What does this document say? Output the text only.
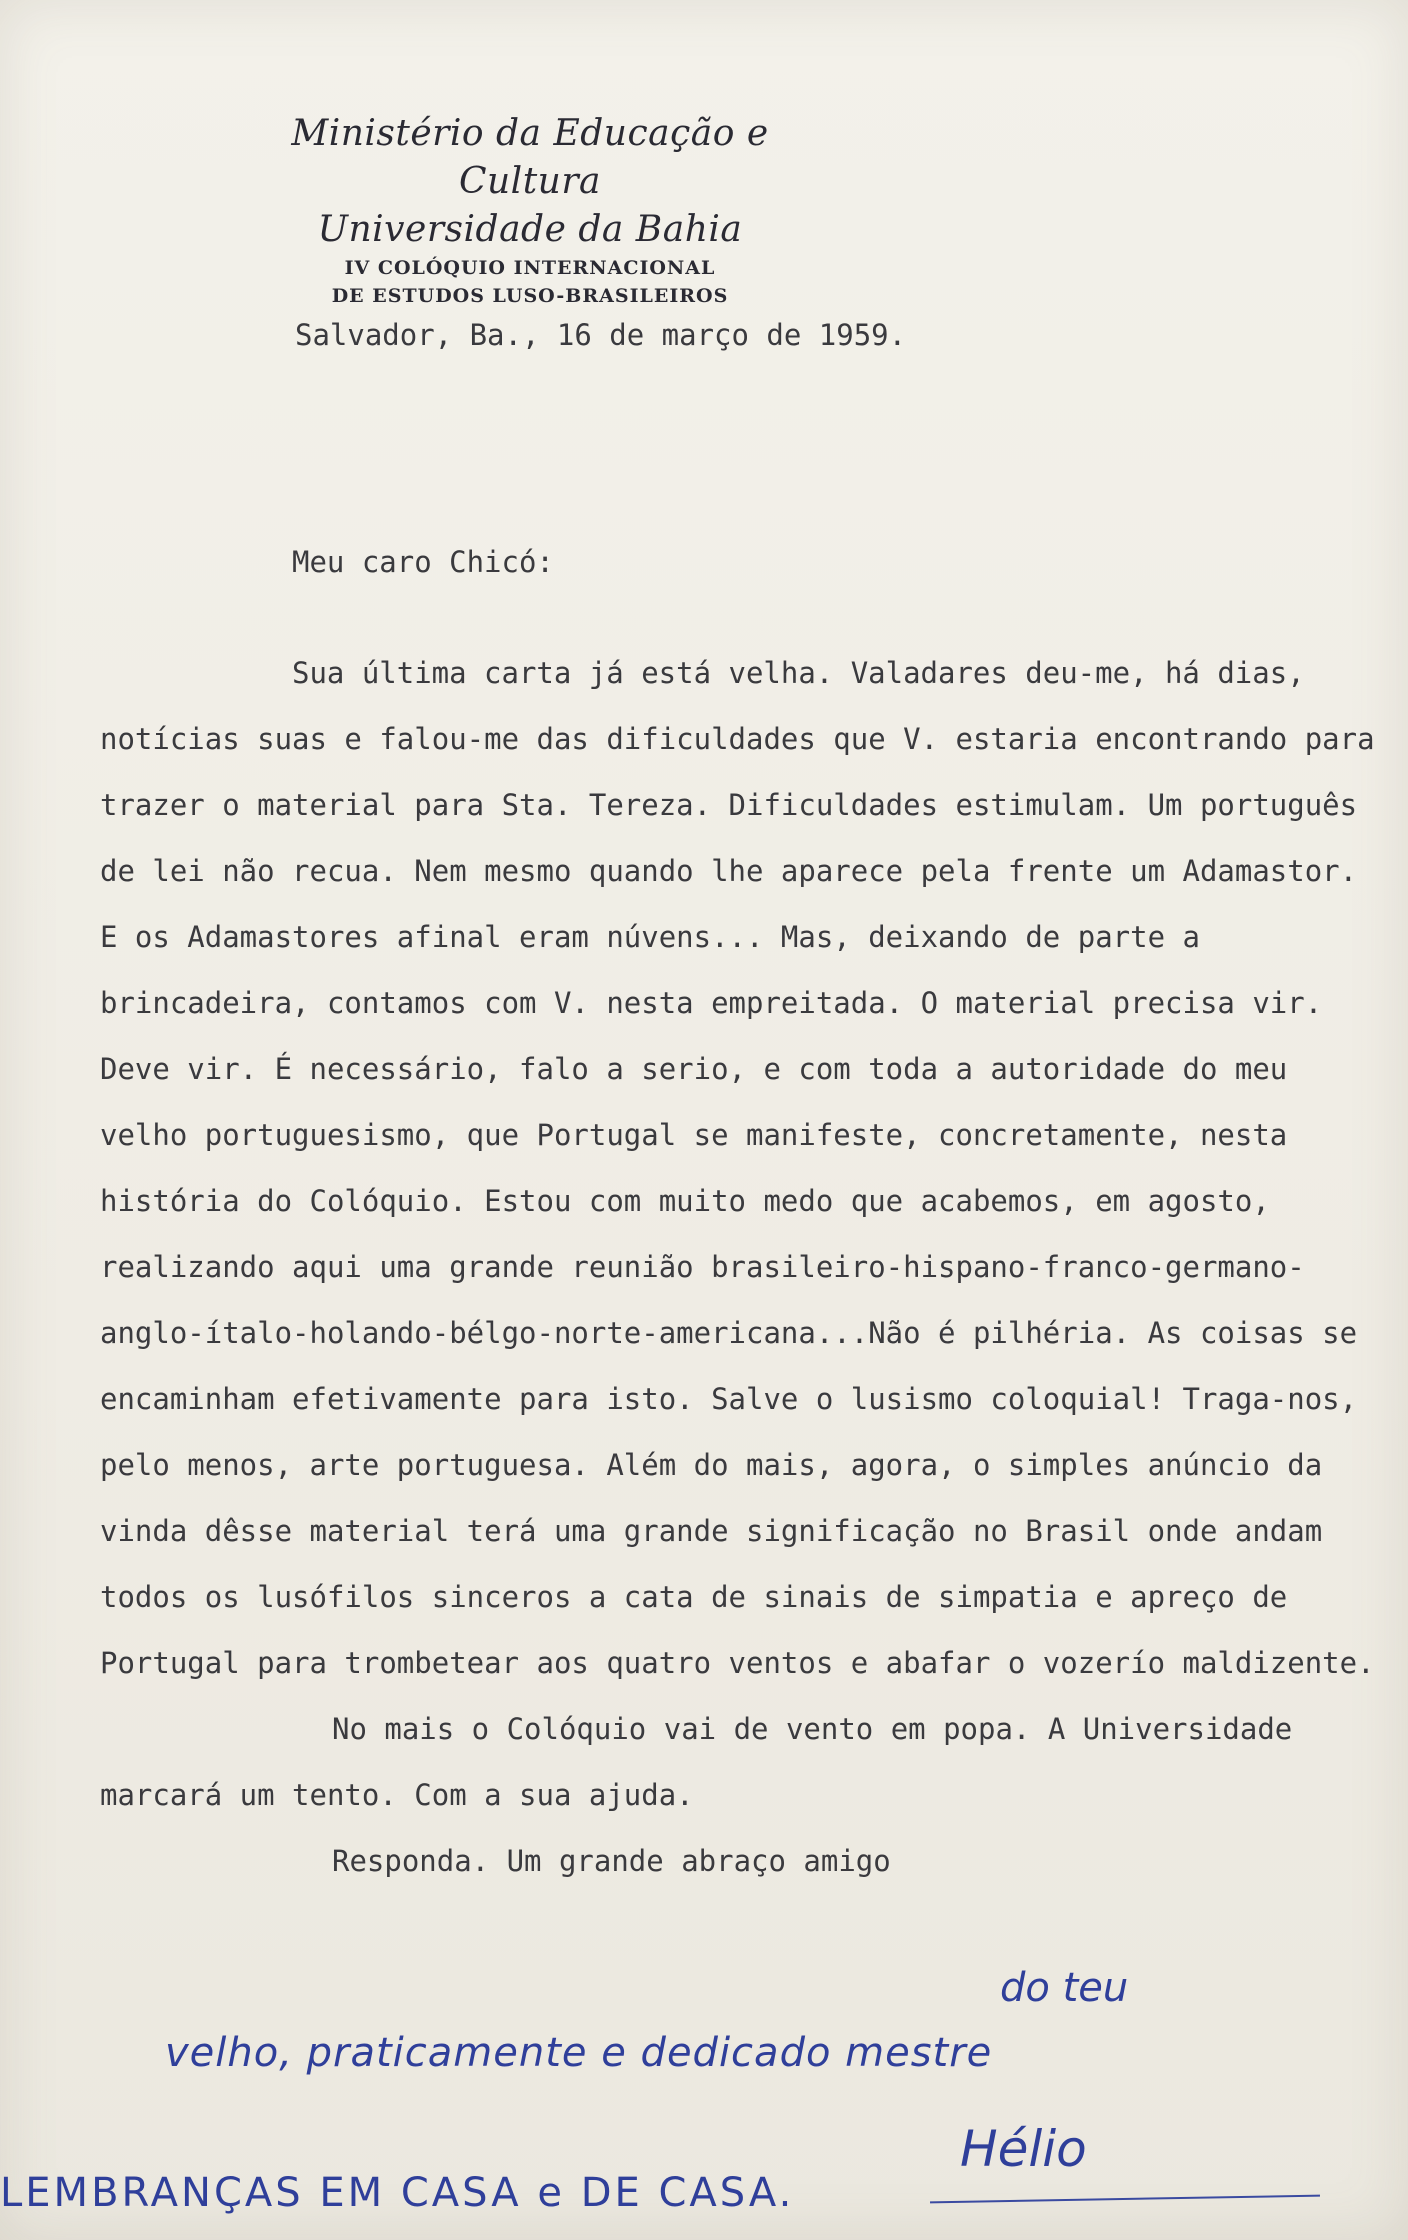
Ministério da Educação e Cultura
Universidade da Bahia
IV COLÓQUIO INTERNACIONAL
DE ESTUDOS LUSO-BRASILEIROS
Salvador, Ba., 16 de março de 1959.
Meu caro Chicó:

Sua última carta já está velha. Valadares deu-me, há dias, notícias suas e falou-me das dificuldades que V. estaria encontrando para trazer o material para Sta. Tereza. Dificuldades estimulam. Um português de lei não recua. Nem mesmo quando lhe aparece pela frente um Adamastor. E os Adamastores afinal eram núvens... Mas, deixando de parte a brincadeira, contamos com V. nesta empreitada. O material precisa vir. Deve vir. É necessário, falo a serio, e com toda a autoridade do meu velho portuguesismo, que Portugal se manifeste, concretamente, nesta história do Colóquio. Estou com muito medo que acabemos, em agosto, realizando aqui uma grande reunião brasileiro-hispano-franco-germano-anglo-ítalo-holando-bélgo-norte-americana...Não é pilhéria. As coisas se encaminham efetivamente para isto. Salve o lusismo coloquial! Traga-nos, pelo menos, arte portuguesa. Além do mais, agora, o simples anúncio da vinda dêsse material terá uma grande significação no Brasil onde andam todos os lusófilos sinceros a cata de sinais de simpatia e apreço de Portugal para trombetear aos quatro ventos e abafar o vozerío maldizente.

No mais o Colóquio vai de vento em popa. A Universidade marcará um tento. Com a sua ajuda.

Responda. Um grande abraço amigo

do teu
velho, praticamente e dedicado mestre
Hélio
LEMBRANÇAS EM CASA e DE CASA.
